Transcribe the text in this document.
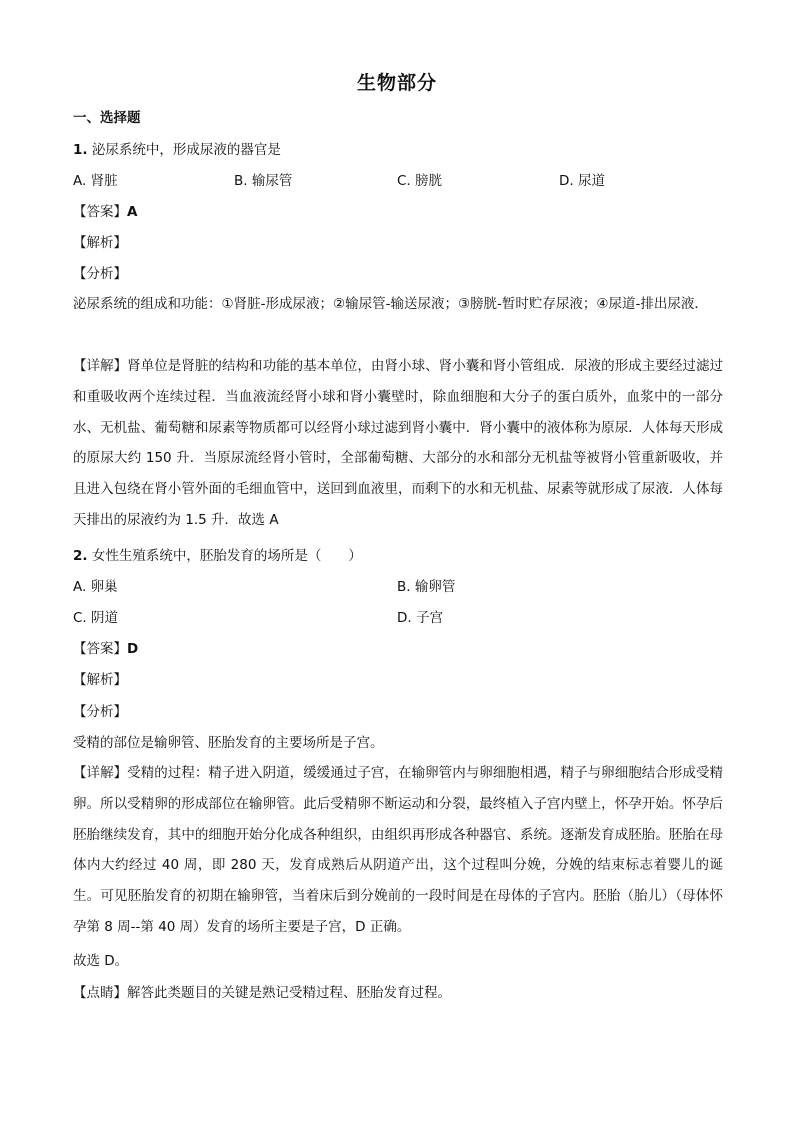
生物部分
一、选择题
1. 泌尿系统中，形成尿液的器官是
A. 肾脏	B. 输尿管	C. 膀胱	D. 尿道
【答案】A
【解析】
【分析】
泌尿系统的组成和功能：①肾脏-形成尿液；②输尿管-输送尿液；③膀胱-暂时贮存尿液；④尿道-排出尿液．
【详解】肾单位是肾脏的结构和功能的基本单位，由肾小球、肾小囊和肾小管组成．尿液的形成主要经过滤过和重吸收两个连续过程．当血液流经肾小球和肾小囊壁时，除血细胞和大分子的蛋白质外，血浆中的一部分水、无机盐、葡萄糖和尿素等物质都可以经肾小球过滤到肾小囊中．肾小囊中的液体称为原尿．人体每天形成的原尿大约 150 升．当原尿流经肾小管时，全部葡萄糖、大部分的水和部分无机盐等被肾小管重新吸收，并且进入包绕在肾小管外面的毛细血管中，送回到血液里，而剩下的水和无机盐、尿素等就形成了尿液．人体每天排出的尿液约为 1.5 升．故选 A
2. 女性生殖系统中，胚胎发育的场所是（　　）
A. 卵巢	B. 输卵管
C. 阴道	D. 子宫
【答案】D
【解析】
【分析】
受精的部位是输卵管、胚胎发育的主要场所是子宫。
【详解】受精的过程：精子进入阴道，缓缓通过子宫，在输卵管内与卵细胞相遇，精子与卵细胞结合形成受精卵。所以受精卵的形成部位在输卵管。此后受精卵不断运动和分裂，最终植入子宫内壁上，怀孕开始。怀孕后胚胎继续发育，其中的细胞开始分化成各种组织，由组织再形成各种器官、系统。逐渐发育成胚胎。胚胎在母体内大约经过 40 周，即 280 天，发育成熟后从阴道产出，这个过程叫分娩，分娩的结束标志着婴儿的诞生。可见胚胎发育的初期在输卵管，当着床后到分娩前的一段时间是在母体的子宫内。胚胎（胎儿）（母体怀孕第 8 周--第 40 周）发育的场所主要是子宫，D 正确。
故选 D。
【点睛】解答此类题目的关键是熟记受精过程、胚胎发育过程。
